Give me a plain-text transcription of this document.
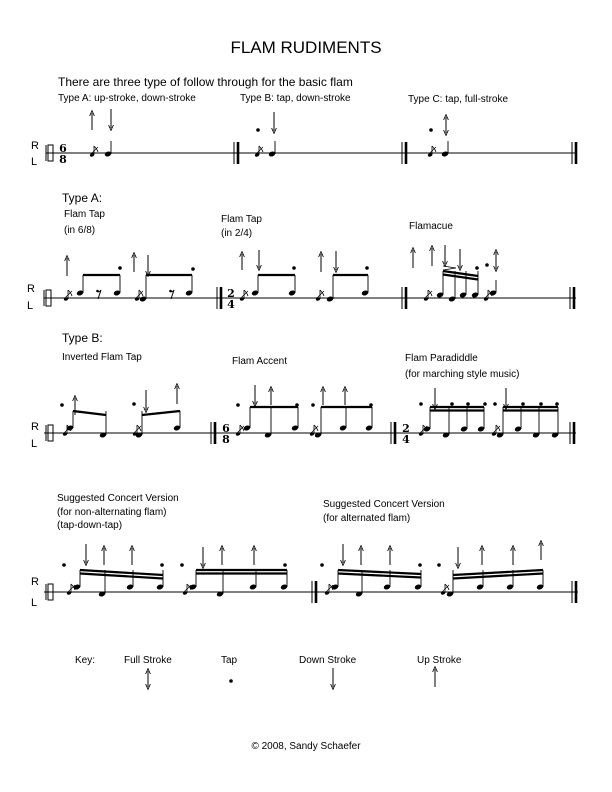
FLAM RUDIMENTS
There are three type of follow through for the basic flam
Type A: up-stroke, down-stroke	Type B: tap, down-stroke	Type C: tap, full-stroke
Type A:
Flam Tap
(in 6/8)
Flam Tap
(in 2/4)
Flamacue
Type B:
Inverted Flam Tap	Flam Accent	Flam Paradiddle
(for marching style music)
Suggested Concert Version
(for non-alternating flam)
(tap-down-tap)
Suggested Concert Version
(for alternated flam)
R
L
R
L
R
L
R
L
Key:	Full Stroke	Tap	Down Stroke	Up Stroke
© 2008, Sandy Schaefer
6
8
2
4
6
8
2
4
